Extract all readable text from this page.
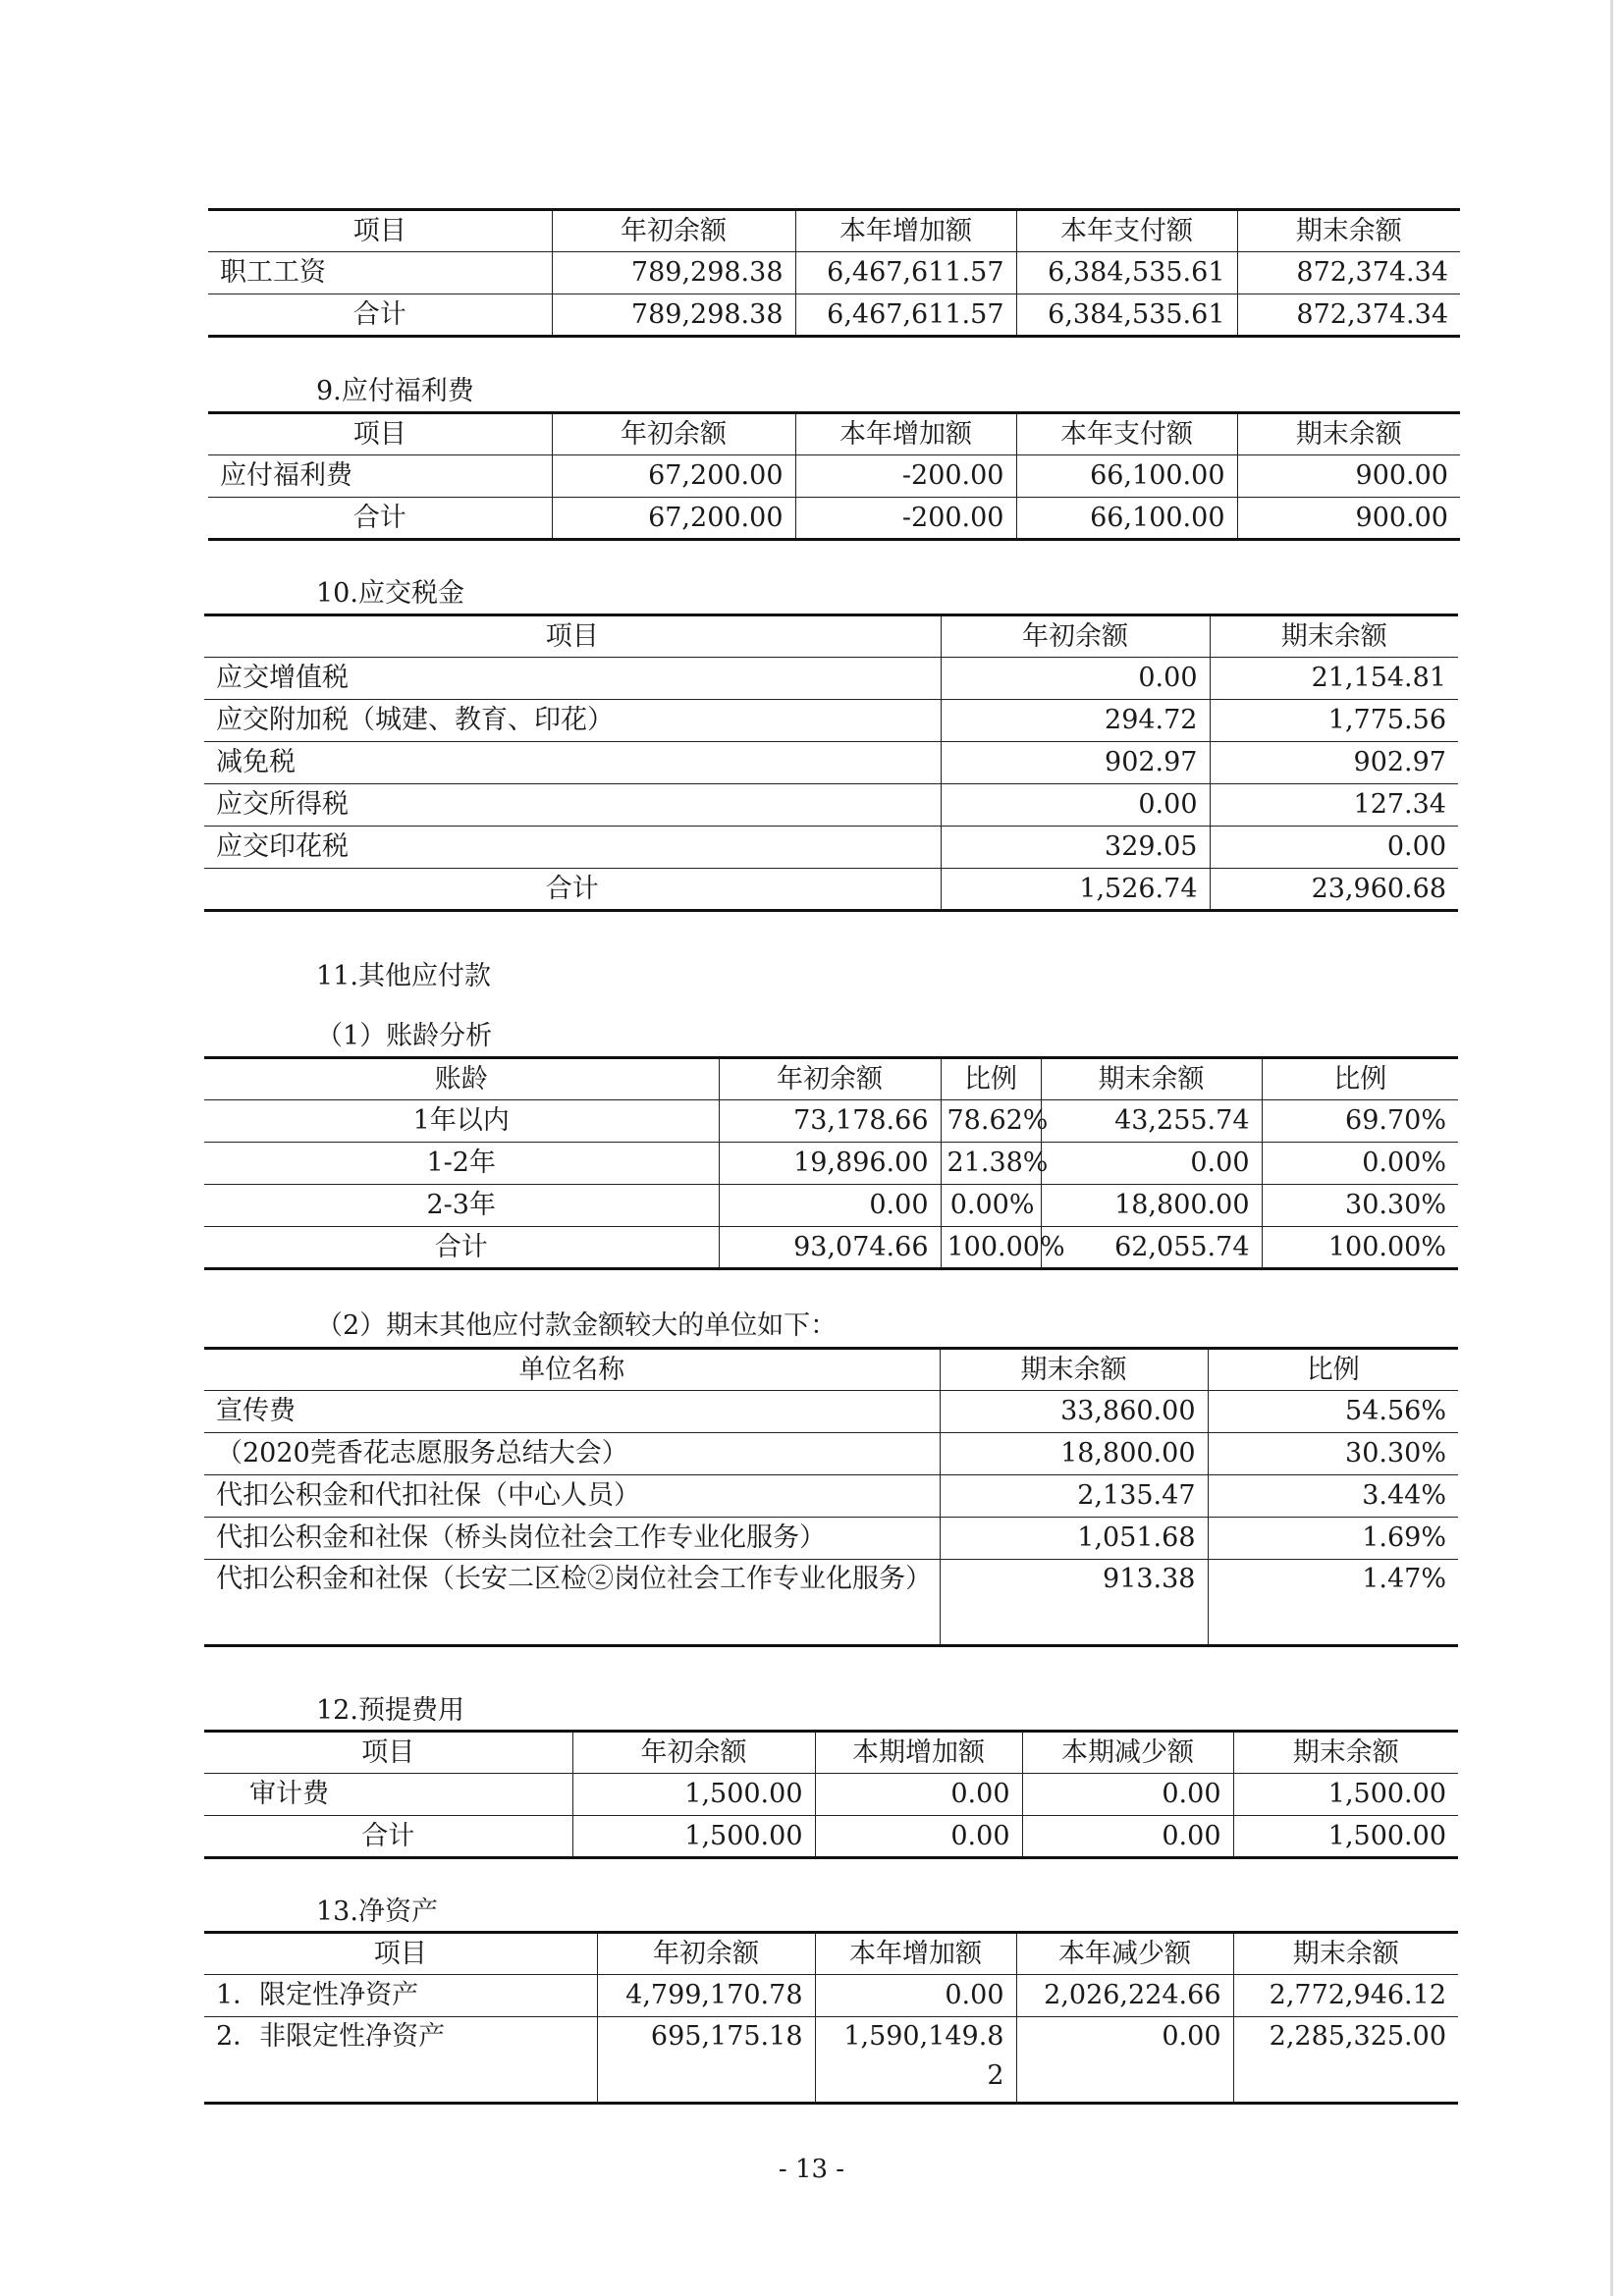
项目	年初余额	本年增加额	本年支付额	期末余额
职工工资	789,298.38	6,467,611.57	6,384,535.61	872,374.34
合计	789,298.38	6,467,611.57	6,384,535.61	872,374.34
9.应付福利费
项目	年初余额	本年增加额	本年支付额	期末余额
应付福利费	67,200.00	-200.00	66,100.00	900.00
合计	67,200.00	-200.00	66,100.00	900.00
10.应交税金
项目	年初余额	期末余额
应交增值税	0.00	21,154.81
应交附加税（城建、教育、印花）	294.72	1,775.56
减免税	902.97	902.97
应交所得税	0.00	127.34
应交印花税	329.05	0.00
合计	1,526.74	23,960.68
11.其他应付款
（1）账龄分析
账龄	年初余额	比例	期末余额	比例
1年以内	73,178.66	78.62%	43,255.74	69.70%
1-2年	19,896.00	21.38%	0.00	0.00%
2-3年	0.00	0.00%	18,800.00	30.30%
合计	93,074.66	100.00%	62,055.74	100.00%
（2）期末其他应付款金额较大的单位如下：
单位名称	期末余额	比例
宣传费	33,860.00	54.56%
（2020莞香花志愿服务总结大会）	18,800.00	30.30%
代扣公积金和代扣社保（中心人员）	2,135.47	3.44%
代扣公积金和社保（桥头岗位社会工作专业化服务）	1,051.68	1.69%
代扣公积金和社保（长安二区检②岗位社会工作专业化服务）	913.38	1.47%
12.预提费用
项目	年初余额	本期增加额	本期减少额	期末余额
审计费	1,500.00	0.00	0.00	1,500.00
合计	1,500.00	0.00	0.00	1,500.00
13.净资产
项目	年初余额	本年增加额	本年减少额	期末余额
1．限定性净资产	4,799,170.78	0.00	2,026,224.66	2,772,946.12
2．非限定性净资产	695,175.18	1,590,149.82	0.00	2,285,325.00
- 13 -
